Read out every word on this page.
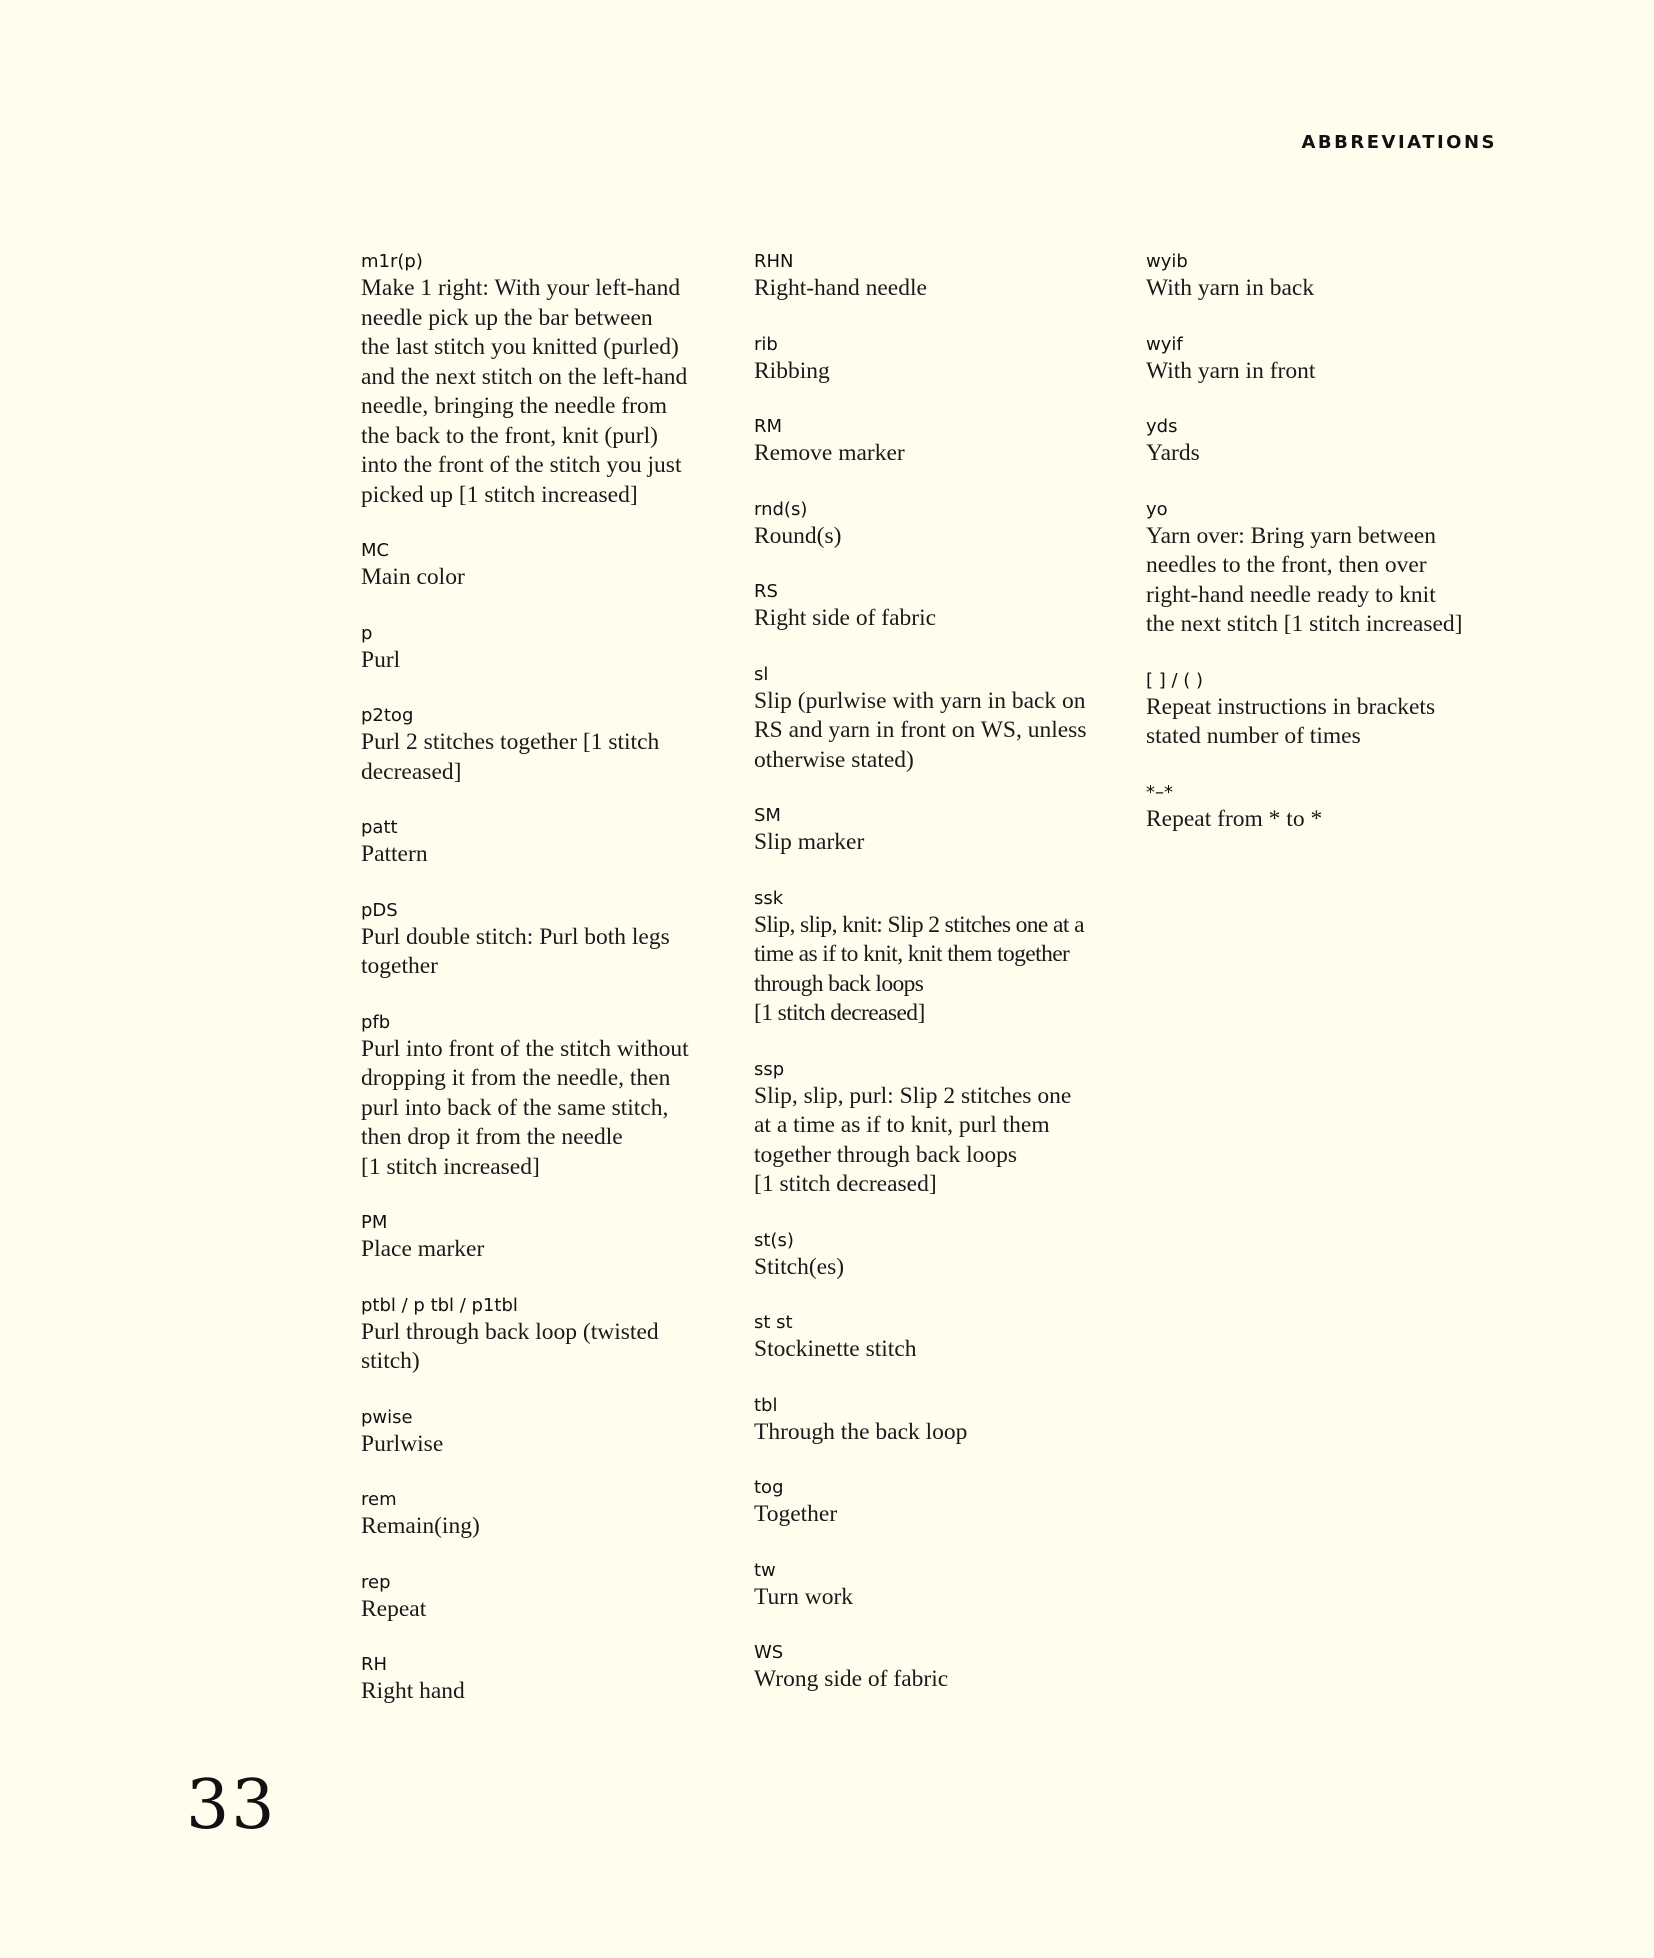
ABBREVIATIONS
m1r(p)
Make 1 right: With your left-hand
needle pick up the bar between
the last stitch you knitted (purled)
and the next stitch on the left-hand
needle, bringing the needle from
the back to the front, knit (purl)
into the front of the stitch you just
picked up [1 stitch increased]
MC
Main color
p
Purl
p2tog
Purl 2 stitches together [1 stitch
decreased]
patt
Pattern
pDS
Purl double stitch: Purl both legs
together
pfb
Purl into front of the stitch without
dropping it from the needle, then
purl into back of the same stitch,
then drop it from the needle
[1 stitch increased]
PM
Place marker
ptbl / p tbl / p1tbl
Purl through back loop (twisted
stitch)
pwise
Purlwise
rem
Remain(ing)
rep
Repeat
RH
Right hand
RHN
Right-hand needle
rib
Ribbing
RM
Remove marker
rnd(s)
Round(s)
RS
Right side of fabric
sl
Slip (purlwise with yarn in back on
RS and yarn in front on WS, unless
otherwise stated)
SM
Slip marker
ssk
Slip, slip, knit: Slip 2 stitches one at a
time as if to knit, knit them together
through back loops
[1 stitch decreased]
ssp
Slip, slip, purl: Slip 2 stitches one
at a time as if to knit, purl them
together through back loops
[1 stitch decreased]
st(s)
Stitch(es)
st st
Stockinette stitch
tbl
Through the back loop
tog
Together
tw
Turn work
WS
Wrong side of fabric
wyib
With yarn in back
wyif
With yarn in front
yds
Yards
yo
Yarn over: Bring yarn between
needles to the front, then over
right-hand needle ready to knit
the next stitch [1 stitch increased]
[ ] / ( )
Repeat instructions in brackets
stated number of times
*–*
Repeat from * to *
33
